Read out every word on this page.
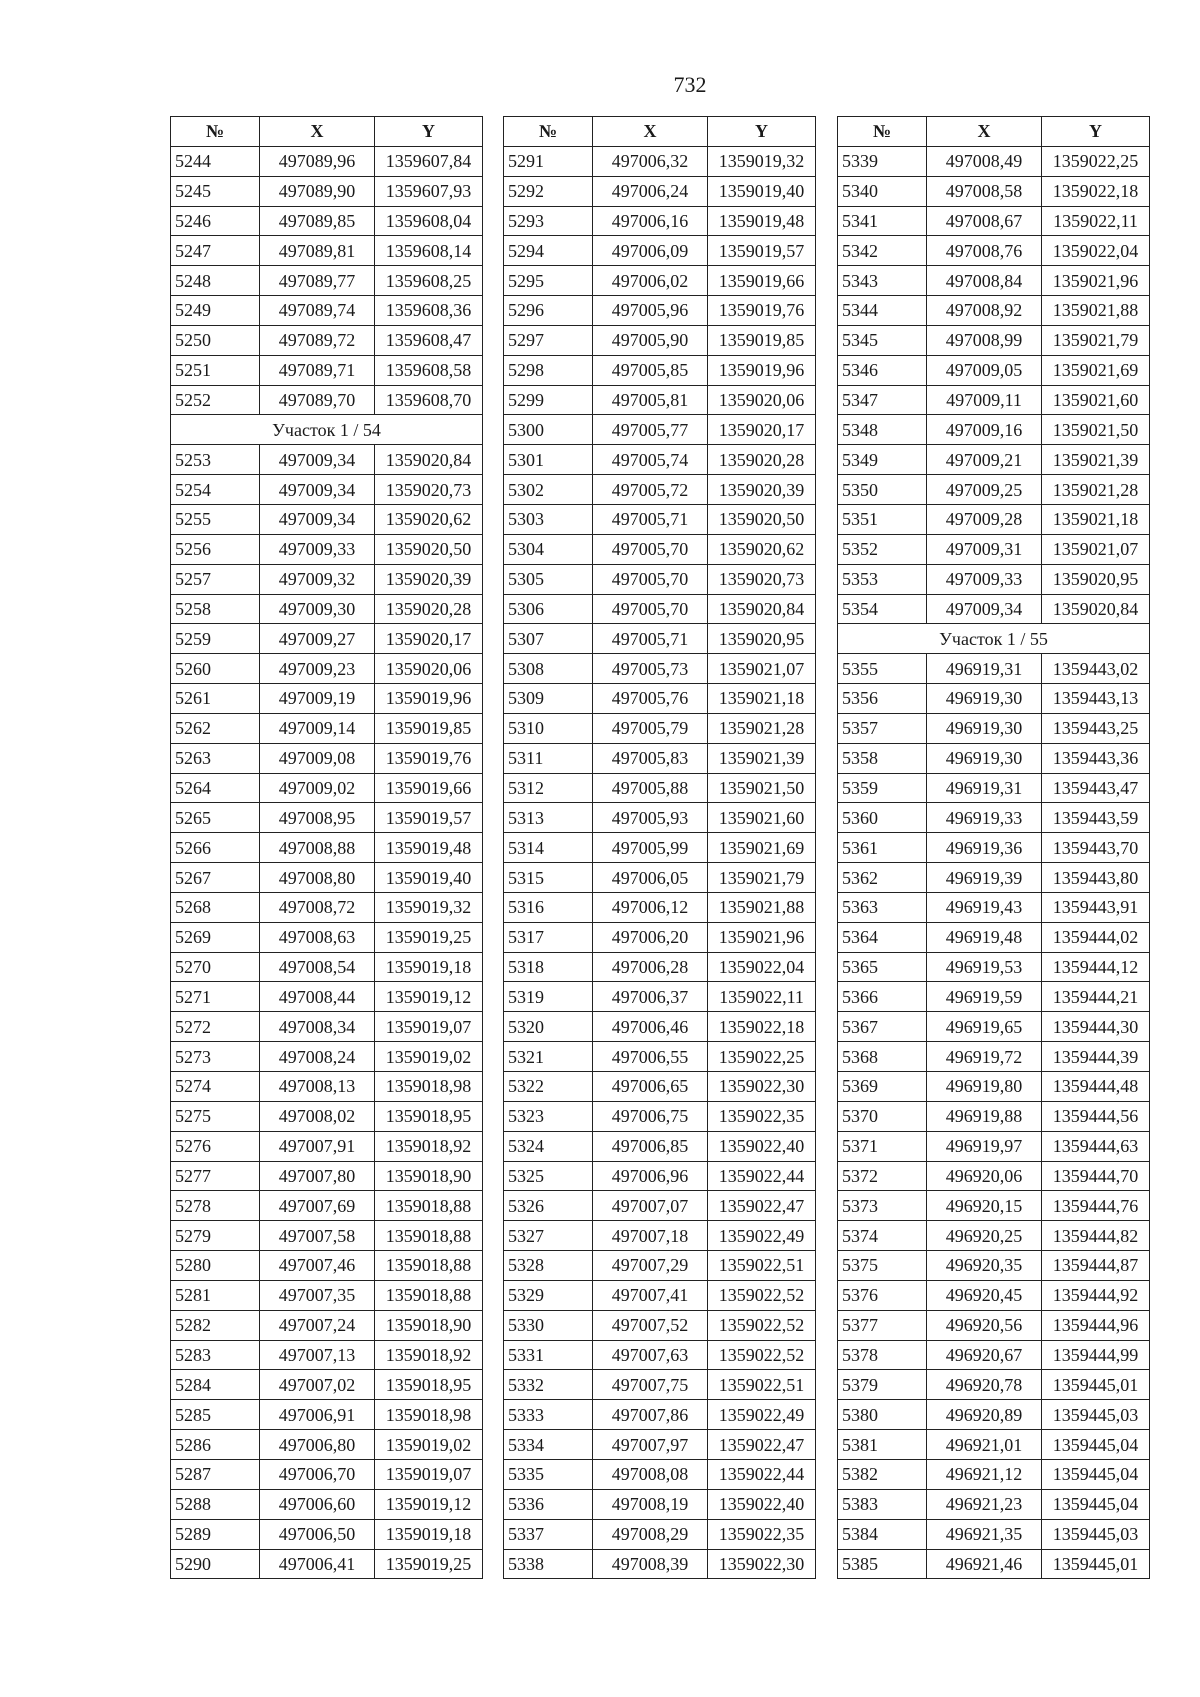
732
№	X	Y
5244	497089,96	1359607,84
5245	497089,90	1359607,93
5246	497089,85	1359608,04
5247	497089,81	1359608,14
5248	497089,77	1359608,25
5249	497089,74	1359608,36
5250	497089,72	1359608,47
5251	497089,71	1359608,58
5252	497089,70	1359608,70
Участок 1 / 54		
5253	497009,34	1359020,84
5254	497009,34	1359020,73
5255	497009,34	1359020,62
5256	497009,33	1359020,50
5257	497009,32	1359020,39
5258	497009,30	1359020,28
5259	497009,27	1359020,17
5260	497009,23	1359020,06
5261	497009,19	1359019,96
5262	497009,14	1359019,85
5263	497009,08	1359019,76
5264	497009,02	1359019,66
5265	497008,95	1359019,57
5266	497008,88	1359019,48
5267	497008,80	1359019,40
5268	497008,72	1359019,32
5269	497008,63	1359019,25
5270	497008,54	1359019,18
5271	497008,44	1359019,12
5272	497008,34	1359019,07
5273	497008,24	1359019,02
5274	497008,13	1359018,98
5275	497008,02	1359018,95
5276	497007,91	1359018,92
5277	497007,80	1359018,90
5278	497007,69	1359018,88
5279	497007,58	1359018,88
5280	497007,46	1359018,88
5281	497007,35	1359018,88
5282	497007,24	1359018,90
5283	497007,13	1359018,92
5284	497007,02	1359018,95
5285	497006,91	1359018,98
5286	497006,80	1359019,02
5287	497006,70	1359019,07
5288	497006,60	1359019,12
5289	497006,50	1359019,18
5290	497006,41	1359019,25
№	X	Y
5291	497006,32	1359019,32
5292	497006,24	1359019,40
5293	497006,16	1359019,48
5294	497006,09	1359019,57
5295	497006,02	1359019,66
5296	497005,96	1359019,76
5297	497005,90	1359019,85
5298	497005,85	1359019,96
5299	497005,81	1359020,06
5300	497005,77	1359020,17
5301	497005,74	1359020,28
5302	497005,72	1359020,39
5303	497005,71	1359020,50
5304	497005,70	1359020,62
5305	497005,70	1359020,73
5306	497005,70	1359020,84
5307	497005,71	1359020,95
5308	497005,73	1359021,07
5309	497005,76	1359021,18
5310	497005,79	1359021,28
5311	497005,83	1359021,39
5312	497005,88	1359021,50
5313	497005,93	1359021,60
5314	497005,99	1359021,69
5315	497006,05	1359021,79
5316	497006,12	1359021,88
5317	497006,20	1359021,96
5318	497006,28	1359022,04
5319	497006,37	1359022,11
5320	497006,46	1359022,18
5321	497006,55	1359022,25
5322	497006,65	1359022,30
5323	497006,75	1359022,35
5324	497006,85	1359022,40
5325	497006,96	1359022,44
5326	497007,07	1359022,47
5327	497007,18	1359022,49
5328	497007,29	1359022,51
5329	497007,41	1359022,52
5330	497007,52	1359022,52
5331	497007,63	1359022,52
5332	497007,75	1359022,51
5333	497007,86	1359022,49
5334	497007,97	1359022,47
5335	497008,08	1359022,44
5336	497008,19	1359022,40
5337	497008,29	1359022,35
5338	497008,39	1359022,30
№	X	Y
5339	497008,49	1359022,25
5340	497008,58	1359022,18
5341	497008,67	1359022,11
5342	497008,76	1359022,04
5343	497008,84	1359021,96
5344	497008,92	1359021,88
5345	497008,99	1359021,79
5346	497009,05	1359021,69
5347	497009,11	1359021,60
5348	497009,16	1359021,50
5349	497009,21	1359021,39
5350	497009,25	1359021,28
5351	497009,28	1359021,18
5352	497009,31	1359021,07
5353	497009,33	1359020,95
5354	497009,34	1359020,84
Участок 1 / 55		
5355	496919,31	1359443,02
5356	496919,30	1359443,13
5357	496919,30	1359443,25
5358	496919,30	1359443,36
5359	496919,31	1359443,47
5360	496919,33	1359443,59
5361	496919,36	1359443,70
5362	496919,39	1359443,80
5363	496919,43	1359443,91
5364	496919,48	1359444,02
5365	496919,53	1359444,12
5366	496919,59	1359444,21
5367	496919,65	1359444,30
5368	496919,72	1359444,39
5369	496919,80	1359444,48
5370	496919,88	1359444,56
5371	496919,97	1359444,63
5372	496920,06	1359444,70
5373	496920,15	1359444,76
5374	496920,25	1359444,82
5375	496920,35	1359444,87
5376	496920,45	1359444,92
5377	496920,56	1359444,96
5378	496920,67	1359444,99
5379	496920,78	1359445,01
5380	496920,89	1359445,03
5381	496921,01	1359445,04
5382	496921,12	1359445,04
5383	496921,23	1359445,04
5384	496921,35	1359445,03
5385	496921,46	1359445,01
